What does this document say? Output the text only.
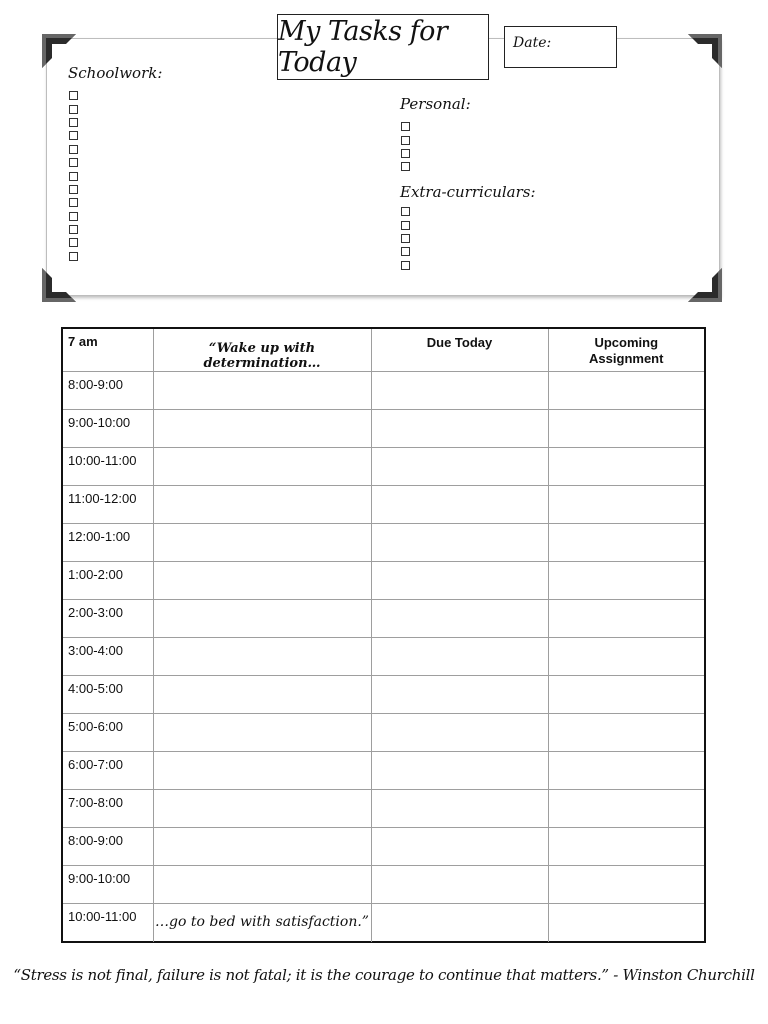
My Tasks for Today
Date:
Schoolwork:
Personal:
Extra-curriculars:
7 am	“Wake up with determination…	Due Today	Upcoming Assignment
8:00-9:00			
9:00-10:00			
10:00-11:00			
11:00-12:00			
12:00-1:00			
1:00-2:00			
2:00-3:00			
3:00-4:00			
4:00-5:00			
5:00-6:00			
6:00-7:00			
7:00-8:00			
8:00-9:00			
9:00-10:00			
10:00-11:00	…go to bed with satisfaction.”		
“Stress is not final, failure is not fatal; it is the courage to continue that matters.” - Winston Churchill
